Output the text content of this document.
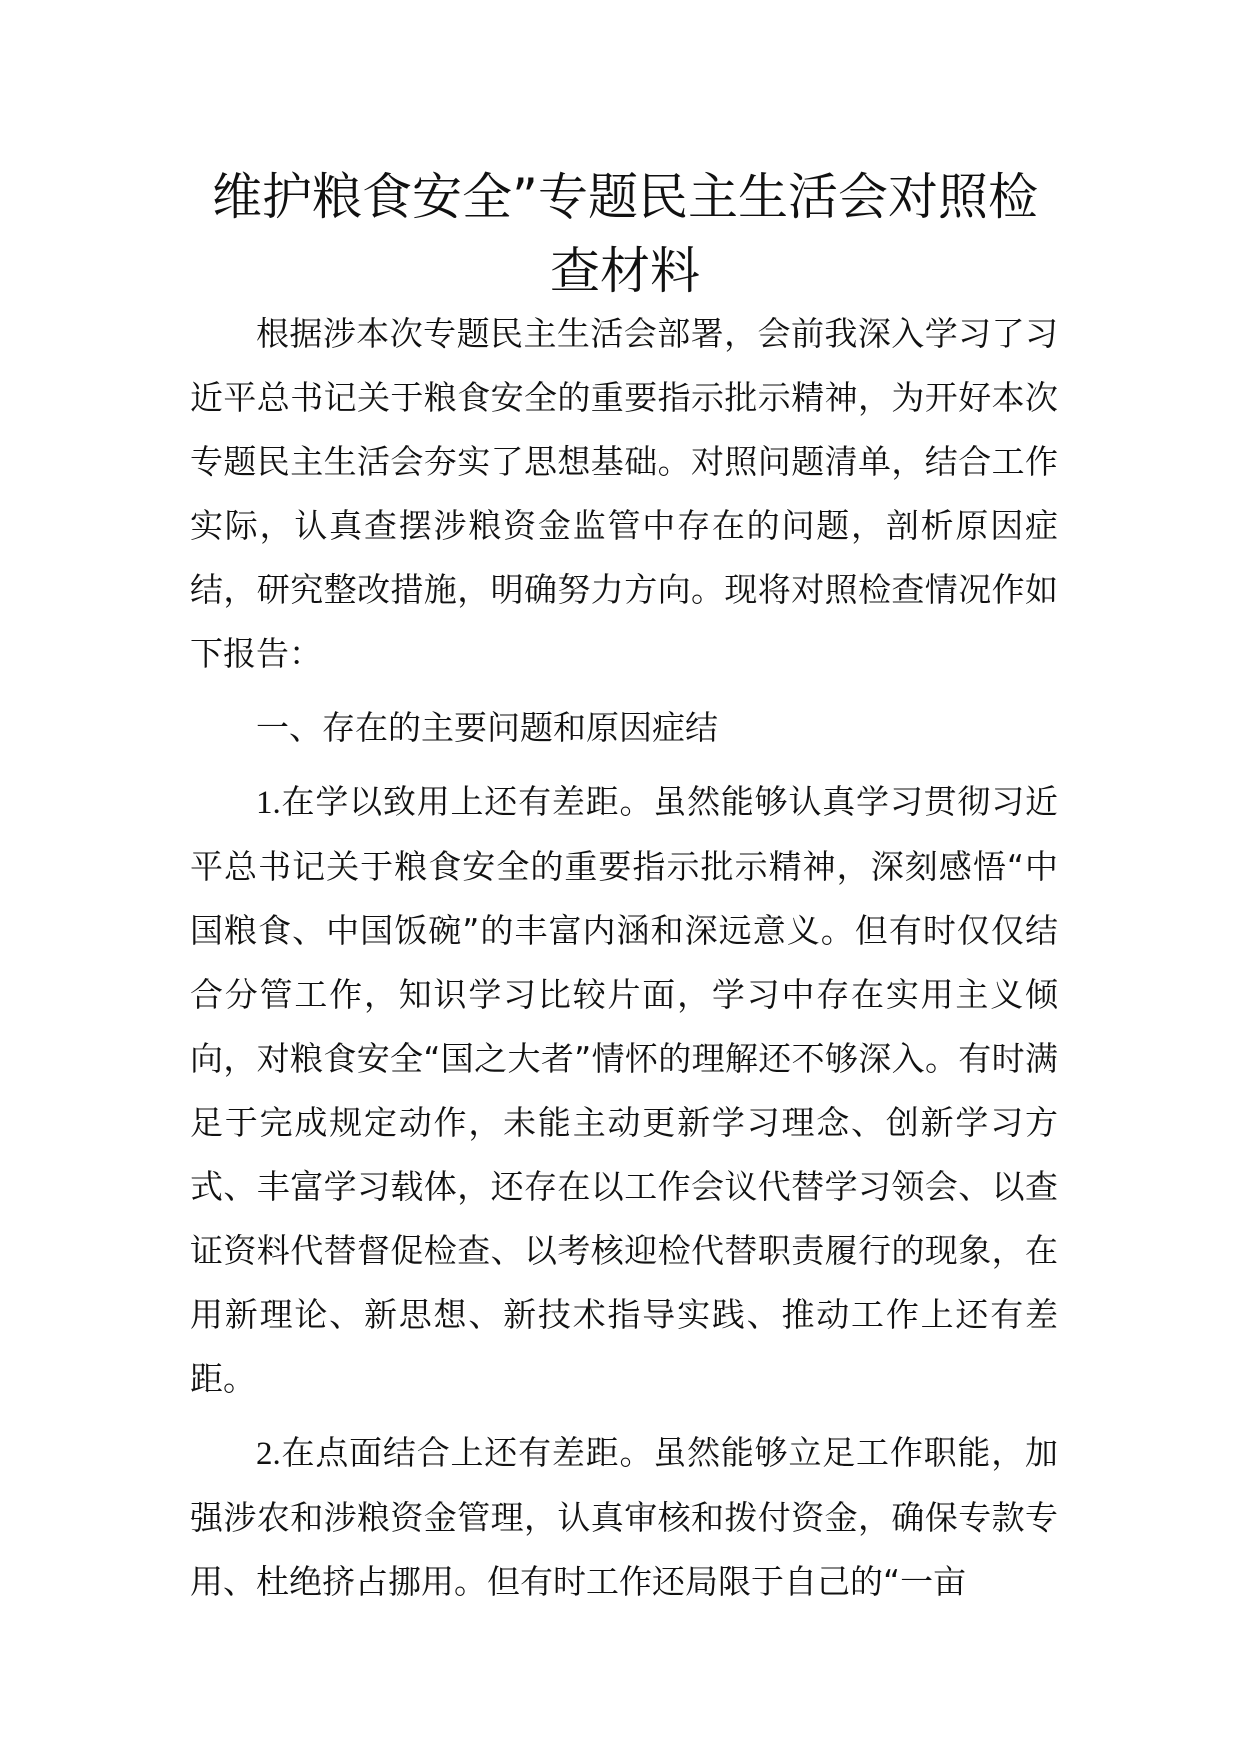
维护粮食安全”专题民主生活会对照检查材料

根据涉本次专题民主生活会部署，会前我深入学习了习近平总书记关于粮食安全的重要指示批示精神，为开好本次专题民主生活会夯实了思想基础。对照问题清单，结合工作实际，认真查摆涉粮资金监管中存在的问题，剖析原因症结，研究整改措施，明确努力方向。现将对照检查情况作如下报告：

一、存在的主要问题和原因症结

1.在学以致用上还有差距。虽然能够认真学习贯彻习近平总书记关于粮食安全的重要指示批示精神，深刻感悟“中国粮食、中国饭碗”的丰富内涵和深远意义。但有时仅仅结合分管工作，知识学习比较片面，学习中存在实用主义倾向，对粮食安全“国之大者”情怀的理解还不够深入。有时满足于完成规定动作，未能主动更新学习理念、创新学习方式、丰富学习载体，还存在以工作会议代替学习领会、以查证资料代替督促检查、以考核迎检代替职责履行的现象，在用新理论、新思想、新技术指导实践、推动工作上还有差距。

2.在点面结合上还有差距。虽然能够立足工作职能，加强涉农和涉粮资金管理，认真审核和拨付资金，确保专款专用、杜绝挤占挪用。但有时工作还局限于自己的“一亩
